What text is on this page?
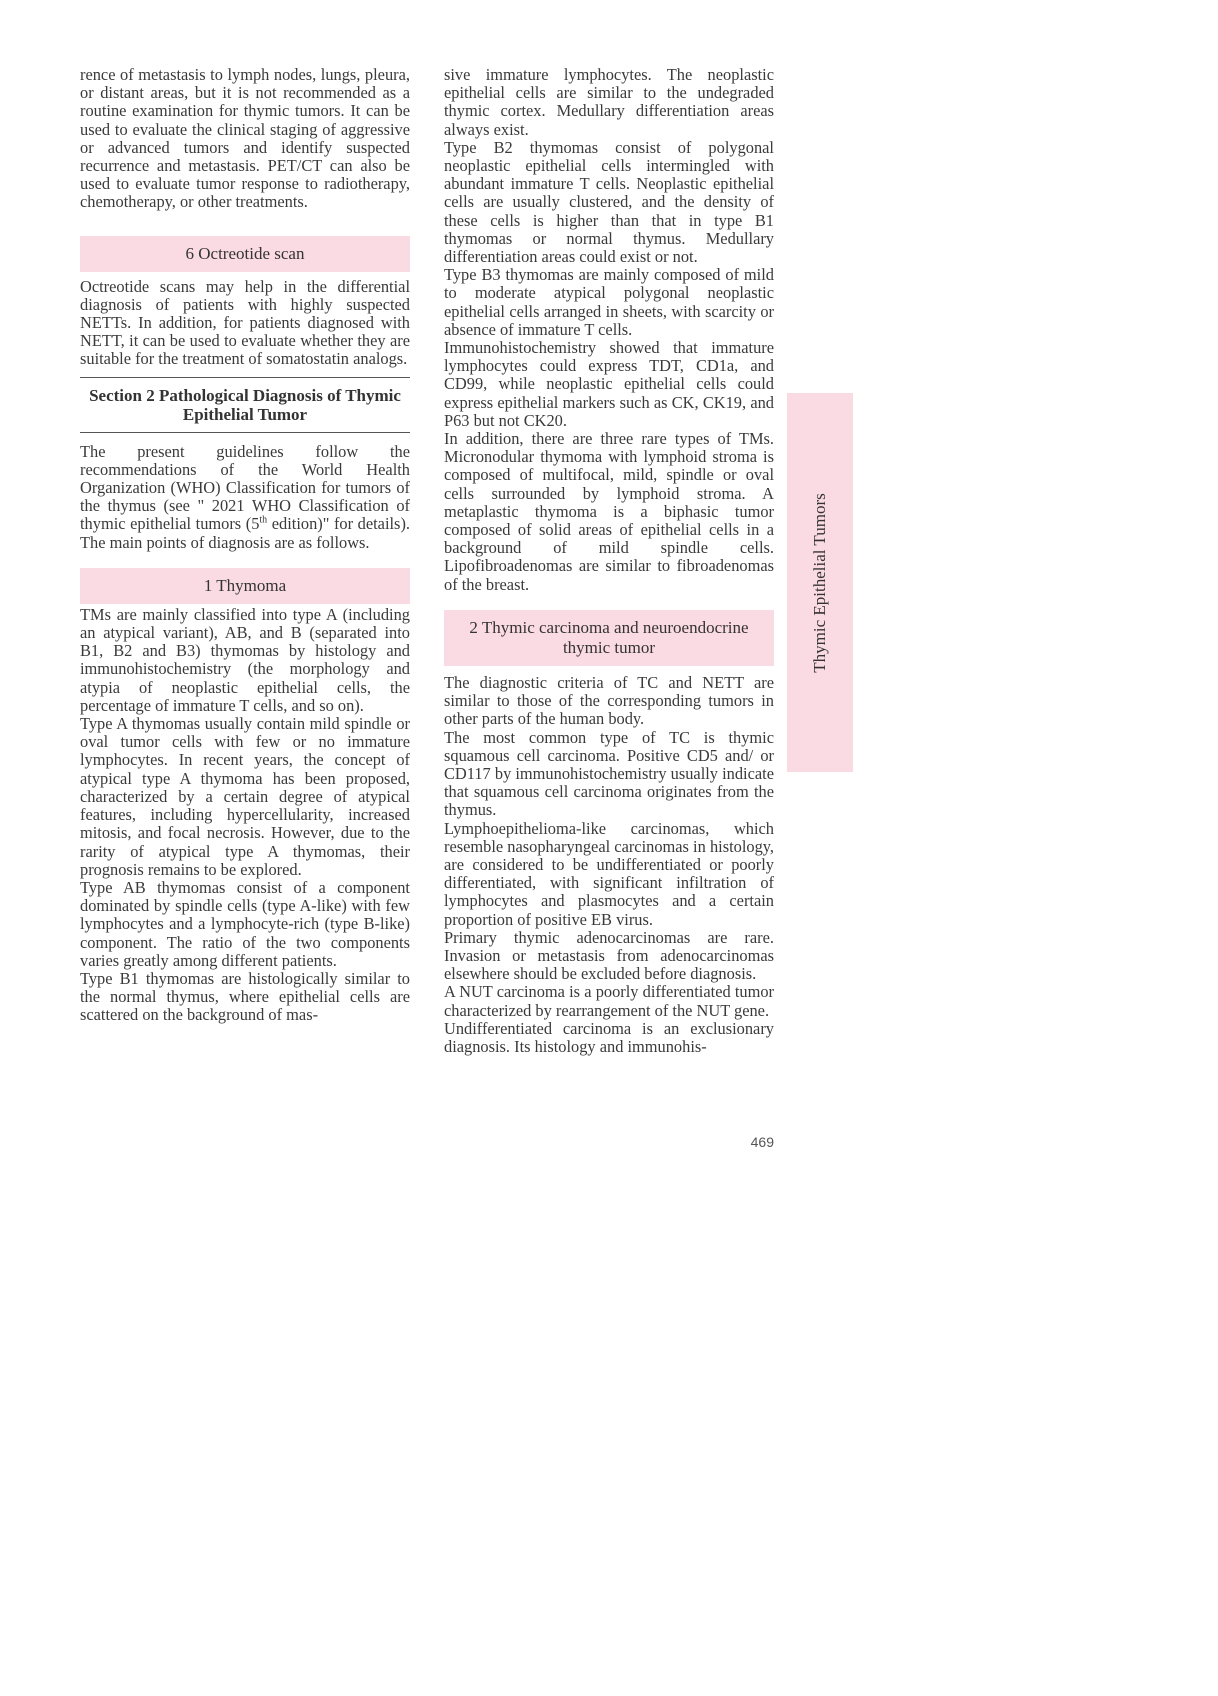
rence of metastasis to lymph nodes, lungs, pleura, or distant areas, but it is not recommended as a routine examination for thymic tumors. It can be used to evaluate the clinical staging of aggressive or advanced tumors and identify suspected recurrence and metastasis. PET/CT can also be used to evaluate tumor response to radiotherapy, chemotherapy, or other treatments.

6 Octreotide scan

Octreotide scans may help in the differential diagnosis of patients with highly suspected NETTs. In addition, for patients diagnosed with NETT, it can be used to evaluate whether they are suitable for the treatment of somatostatin analogs.

Section 2 Pathological Diagnosis of Thymic Epithelial Tumor

The present guidelines follow the recommendations of the World Health Organization (WHO) Classification for tumors of the thymus (see " 2021 WHO Classification of thymic epithelial tumors (5th edition)" for details). The main points of diagnosis are as follows.

1 Thymoma

TMs are mainly classified into type A (including an atypical variant), AB, and B (separated into B1, B2 and B3) thymomas by histology and immunohistochemistry (the morphology and atypia of neoplastic epithelial cells, the percentage of immature T cells, and so on).

Type A thymomas usually contain mild spindle or oval tumor cells with few or no immature lymphocytes. In recent years, the concept of atypical type A thymoma has been proposed, characterized by a certain degree of atypical features, including hypercellularity, increased mitosis, and focal necrosis. However, due to the rarity of atypical type A thymomas, their prognosis remains to be explored.

Type AB thymomas consist of a component dominated by spindle cells (type A-like) with few lymphocytes and a lymphocyte-rich (type B-like) component. The ratio of the two components varies greatly among different patients.

Type B1 thymomas are histologically similar to the normal thymus, where epithelial cells are scattered on the background of mas-

sive immature lymphocytes. The neoplastic epithelial cells are similar to the undegraded thymic cortex. Medullary differentiation areas always exist.

Type B2 thymomas consist of polygonal neoplastic epithelial cells intermingled with abundant immature T cells. Neoplastic epithelial cells are usually clustered, and the density of these cells is higher than that in type B1 thymomas or normal thymus. Medullary differentiation areas could exist or not.

Type B3 thymomas are mainly composed of mild to moderate atypical polygonal neoplastic epithelial cells arranged in sheets, with scarcity or absence of immature T cells.

Immunohistochemistry showed that immature lymphocytes could express TDT, CD1a, and CD99, while neoplastic epithelial cells could express epithelial markers such as CK, CK19, and P63 but not CK20.

In addition, there are three rare types of TMs. Micronodular thymoma with lymphoid stroma is composed of multifocal, mild, spindle or oval cells surrounded by lymphoid stroma. A metaplastic thymoma is a biphasic tumor composed of solid areas of epithelial cells in a background of mild spindle cells. Lipofibroadenomas are similar to fibroadenomas of the breast.

2 Thymic carcinoma and neuroendocrine thymic tumor

The diagnostic criteria of TC and NETT are similar to those of the corresponding tumors in other parts of the human body.

The most common type of TC is thymic squamous cell carcinoma. Positive CD5 and/ or CD117 by immunohistochemistry usually indicate that squamous cell carcinoma originates from the thymus.

Lymphoepithelioma-like carcinomas, which resemble nasopharyngeal carcinomas in histology, are considered to be undifferentiated or poorly differentiated, with significant infiltration of lymphocytes and plasmocytes and a certain proportion of positive EB virus.

Primary thymic adenocarcinomas are rare. Invasion or metastasis from adenocarcinomas elsewhere should be excluded before diagnosis.

A NUT carcinoma is a poorly differentiated tumor characterized by rearrangement of the NUT gene.

Undifferentiated carcinoma is an exclusionary diagnosis. Its histology and immunohis-

Thymic Epithelial Tumors
469
